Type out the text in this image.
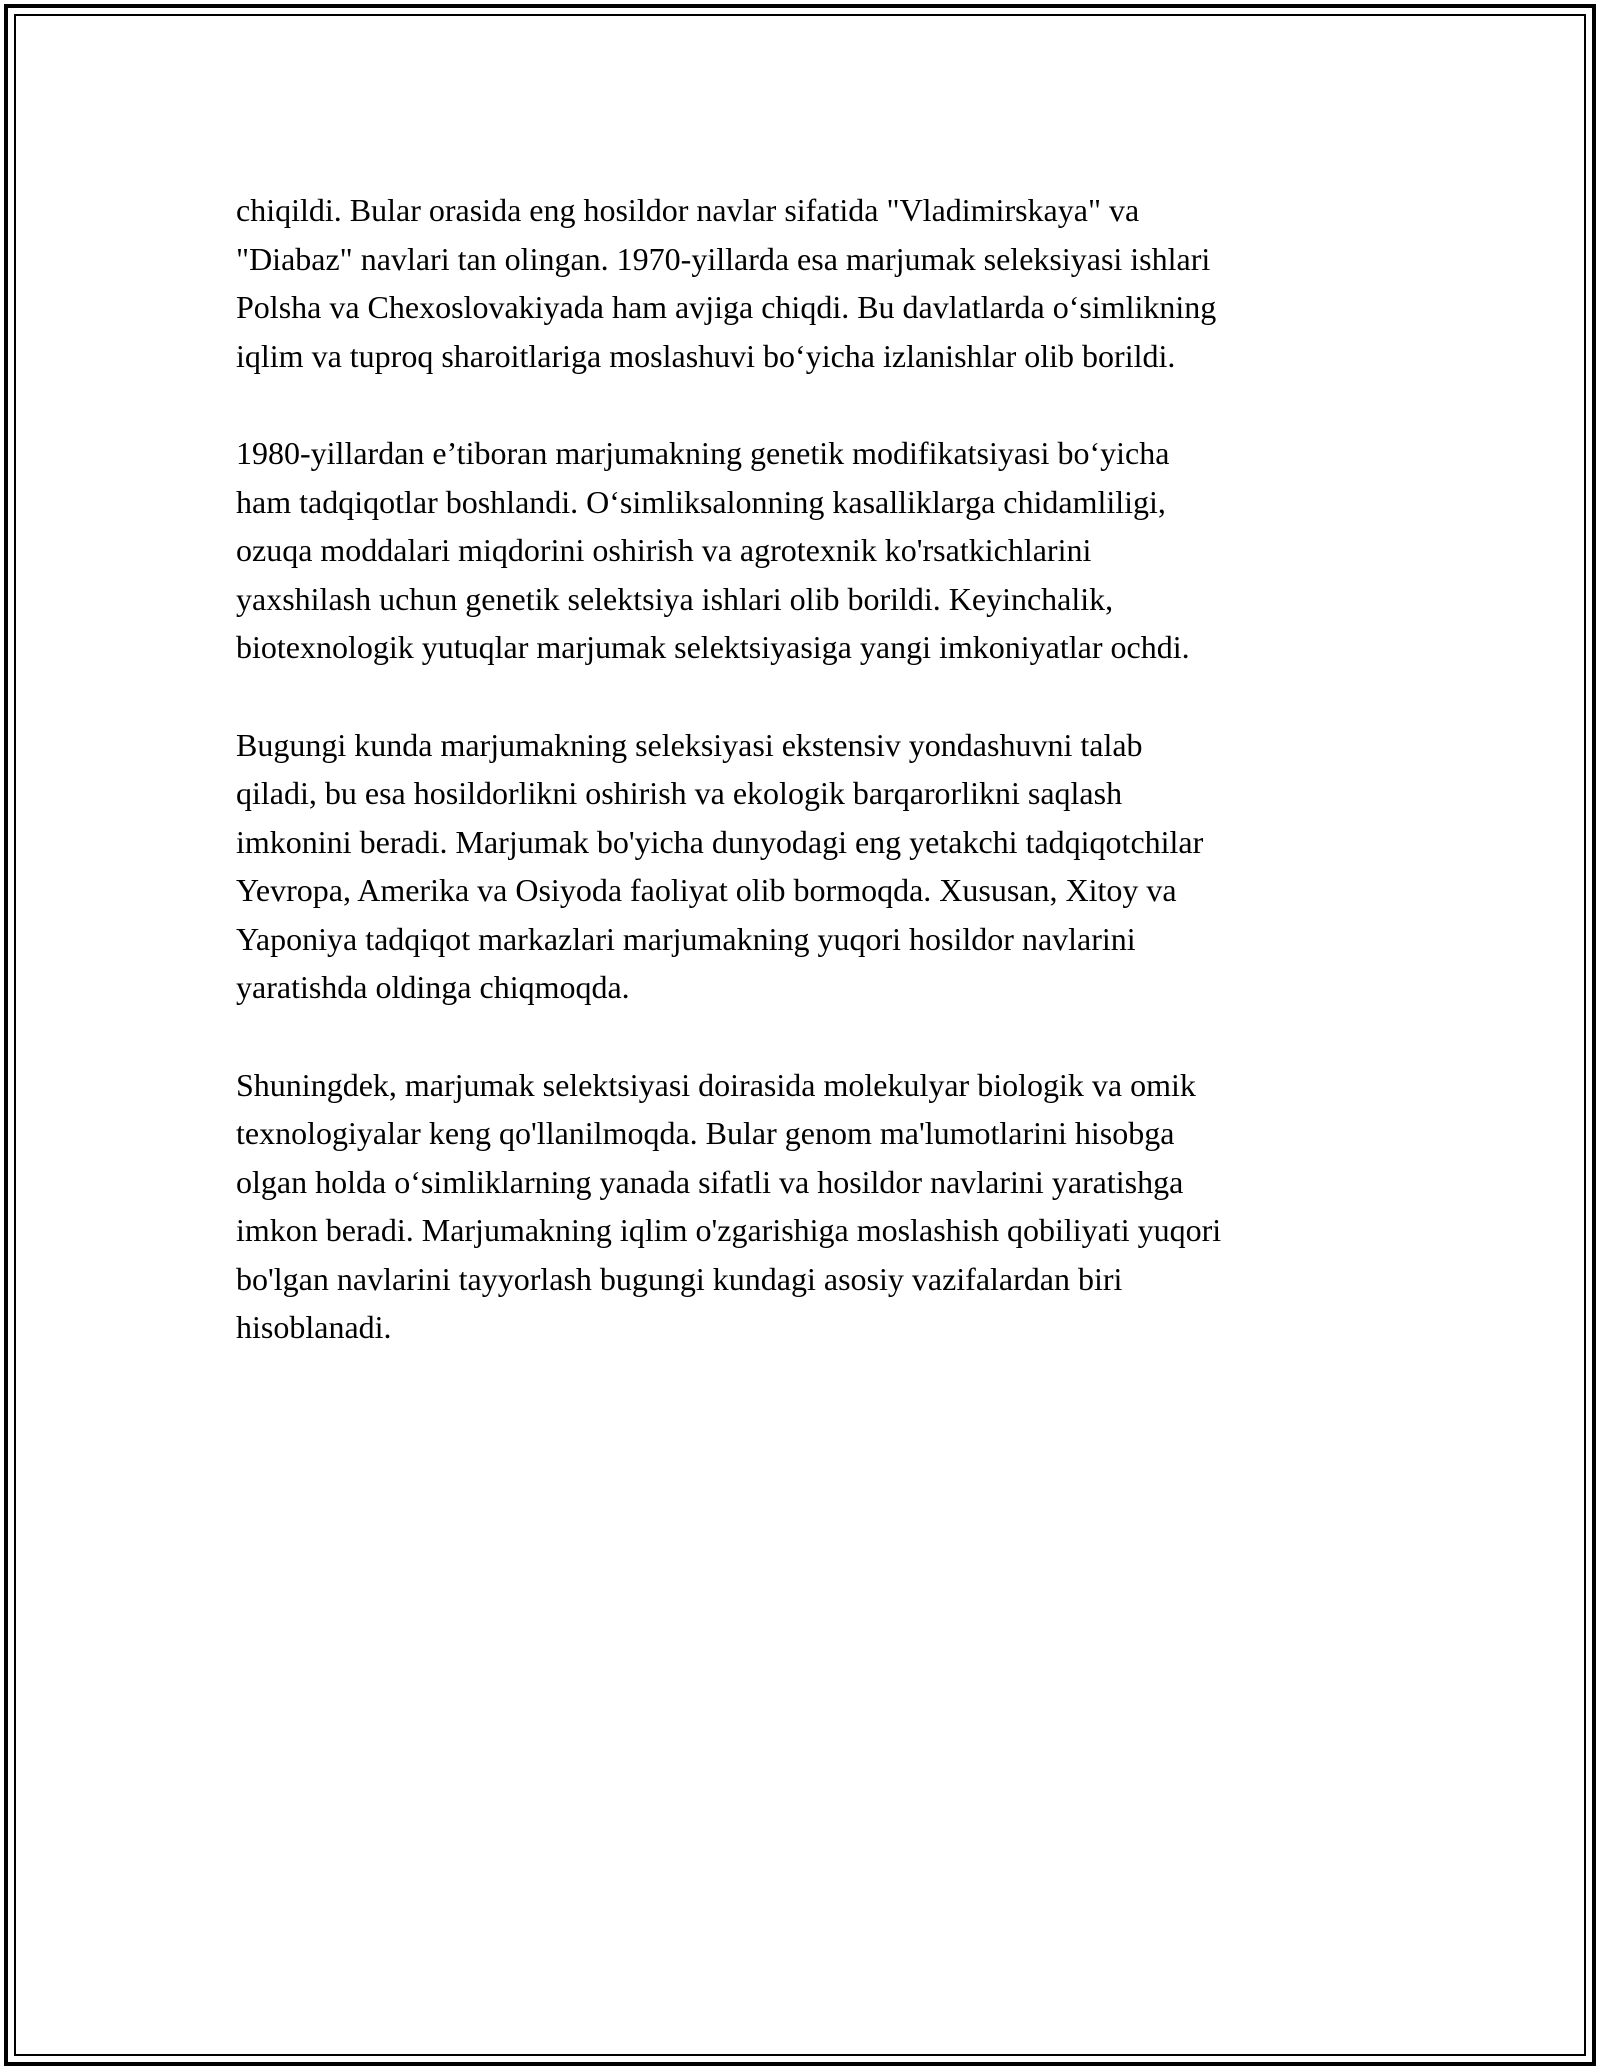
chiqildi. Bular orasida eng hosildor navlar sifatida "Vladimirskaya" va
"Diabaz" navlari tan olingan. 1970-yillarda esa marjumak seleksiyasi ishlari
Polsha va Chexoslovakiyada ham avjiga chiqdi. Bu davlatlarda o‘simlikning
iqlim va tuproq sharoitlariga moslashuvi bo‘yicha izlanishlar olib borildi.

1980-yillardan e’tiboran marjumakning genetik modifikatsiyasi bo‘yicha
ham tadqiqotlar boshlandi. O‘simliksalonning kasalliklarga chidamliligi,
ozuqa moddalari miqdorini oshirish va agrotexnik ko'rsatkichlarini
yaxshilash uchun genetik selektsiya ishlari olib borildi. Keyinchalik,
biotexnologik yutuqlar marjumak selektsiyasiga yangi imkoniyatlar ochdi.

Bugungi kunda marjumakning seleksiyasi ekstensiv yondashuvni talab
qiladi, bu esa hosildorlikni oshirish va ekologik barqarorlikni saqlash
imkonini beradi. Marjumak bo'yicha dunyodagi eng yetakchi tadqiqotchilar
Yevropa, Amerika va Osiyoda faoliyat olib bormoqda. Xususan, Xitoy va
Yaponiya tadqiqot markazlari marjumakning yuqori hosildor navlarini
yaratishda oldinga chiqmoqda.

Shuningdek, marjumak selektsiyasi doirasida molekulyar biologik va omik
texnologiyalar keng qo'llanilmoqda. Bular genom ma'lumotlarini hisobga
olgan holda o‘simliklarning yanada sifatli va hosildor navlarini yaratishga
imkon beradi. Marjumakning iqlim o'zgarishiga moslashish qobiliyati yuqori
bo'lgan navlarini tayyorlash bugungi kundagi asosiy vazifalardan biri
hisoblanadi.
